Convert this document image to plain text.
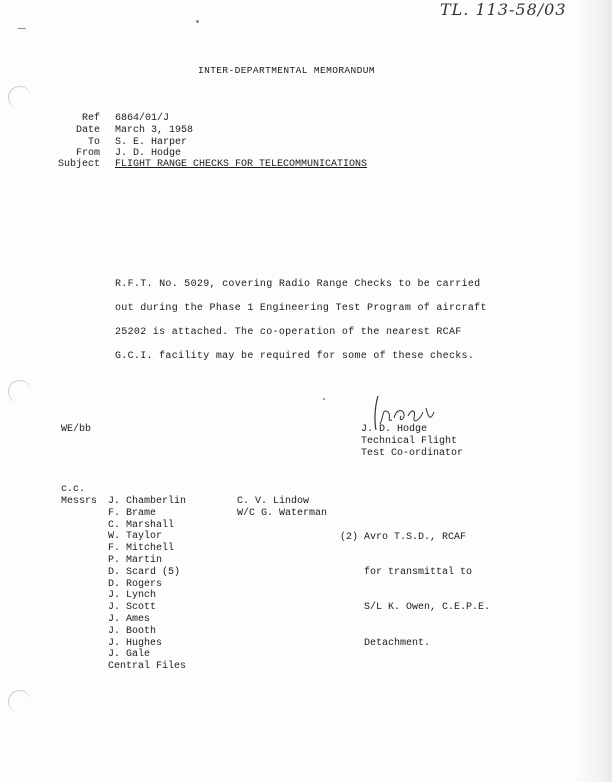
TL. 113-58/03
INTER-DEPARTMENTAL MEMORANDUM
Ref 6864/01/J
Date March 3, 1958
To S. E. Harper
From J. D. Hodge
Subject FLIGHT RANGE CHECKS FOR TELECOMMUNICATIONS
R.F.T. No. 5029, covering Radio Range Checks to be carried
out during the Phase 1 Engineering Test Program of aircraft
25202 is attached. The co-operation of the nearest RCAF
G.C.I. facility may be required for some of these checks.
WE/bb	J. D. Hodge
Technical Flight
Test Co-ordinator
c.c.
Messrs J. Chamberlin
F. Brame
C. Marshall
W. Taylor
F. Mitchell
P. Martin
D. Scard (5)
D. Rogers
J. Lynch
J. Scott
J. Ames
J. Booth
J. Hughes
J. Gale
Central Files
C. V. Lindow
W/C G. Waterman

(2) Avro T.S.D., RCAF

for transmittal to

S/L K. Owen, C.E.P.E.

Detachment.
